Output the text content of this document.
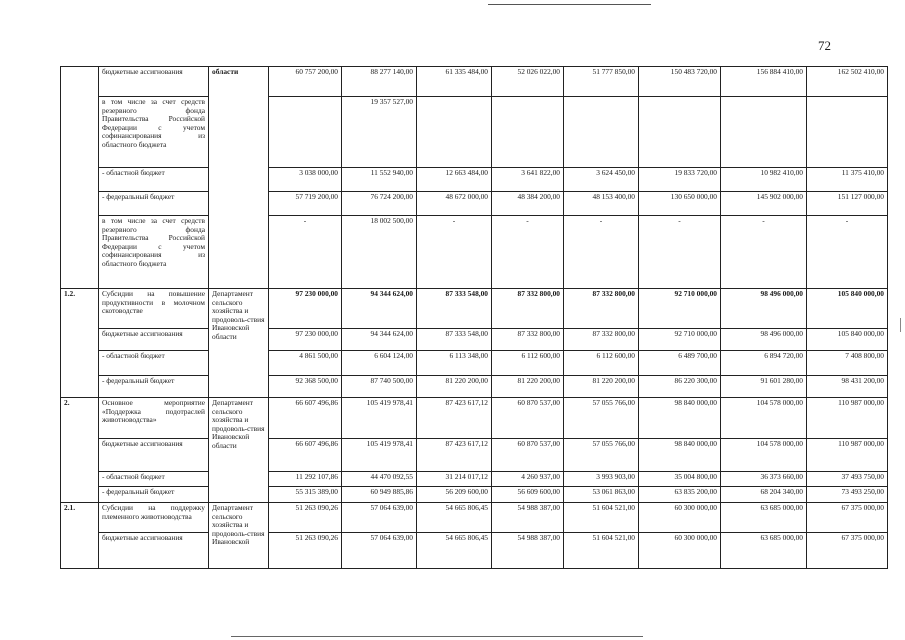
72
	бюджетные ассигнования	области	60 757 200,00	88 277 140,00	61 335 484,00	52 026 022,00	51 777 850,00	150 483 720,00	156 884 410,00	162 502 410,00
	в том числе за счет средств резервного фонда Правительства Российской Федерации с учетом софинансирования из областного бюджета			19 357 527,00						
	- областной бюджет		3 038 000,00	11 552 940,00	12 663 484,00	3 641 822,00	3 624 450,00	19 833 720,00	10 982 410,00	11 375 410,00
	- федеральный бюджет		57 719 200,00	76 724 200,00	48 672 000,00	48 384 200,00	48 153 400,00	130 650 000,00	145 902 000,00	151 127 000,00
	в том числе за счет средств резервного фонда Правительства Российской Федерации с учетом софинансирования из областного бюджета		-	18 002 500,00	-	-	-	-	-	-
1.2.	Субсидии на повышение продуктивности в молочном скотоводстве	Департамент сельского хозяйства и продоволь-ствия Ивановской области	97 230 000,00	94 344 624,00	87 333 548,00	87 332 800,00	87 332 800,00	92 710 000,00	98 496 000,00	105 840 000,00
	бюджетные ассигнования		97 230 000,00	94 344 624,00	87 333 548,00	87 332 800,00	87 332 800,00	92 710 000,00	98 496 000,00	105 840 000,00
	- областной бюджет		4 861 500,00	6 604 124,00	6 113 348,00	6 112 600,00	6 112 600,00	6 489 700,00	6 894 720,00	7 408 800,00
	- федеральный бюджет		92 368 500,00	87 740 500,00	81 220 200,00	81 220 200,00	81 220 200,00	86 220 300,00	91 601 280,00	98 431 200,00
2.	Основное мероприятие «Поддержка подотраслей животноводства»	Департамент сельского хозяйства и продоволь-ствия Ивановской области	66 607 496,86	105 419 978,41	87 423 617,12	60 870 537,00	57 055 766,00	98 840 000,00	104 578 000,00	110 987 000,00
	бюджетные ассигнования		66 607 496,86	105 419 978,41	87 423 617,12	60 870 537,00	57 055 766,00	98 840 000,00	104 578 000,00	110 987 000,00
	- областной бюджет		11 292 107,86	44 470 092,55	31 214 017,12	4 260 937,00	3 993 903,00	35 004 800,00	36 373 660,00	37 493 750,00
	- федеральный бюджет		55 315 389,00	60 949 885,86	56 209 600,00	56 609 600,00	53 061 863,00	63 835 200,00	68 204 340,00	73 493 250,00
2.1.	Субсидии на поддержку племенного животноводства	Департамент сельского хозяйства и продоволь-ствия Ивановской	51 263 090,26	57 064 639,00	54 665 806,45	54 988 387,00	51 604 521,00	60 300 000,00	63 685 000,00	67 375 000,00
	бюджетные ассигнования		51 263 090,26	57 064 639,00	54 665 806,45	54 988 387,00	51 604 521,00	60 300 000,00	63 685 000,00	67 375 000,00
